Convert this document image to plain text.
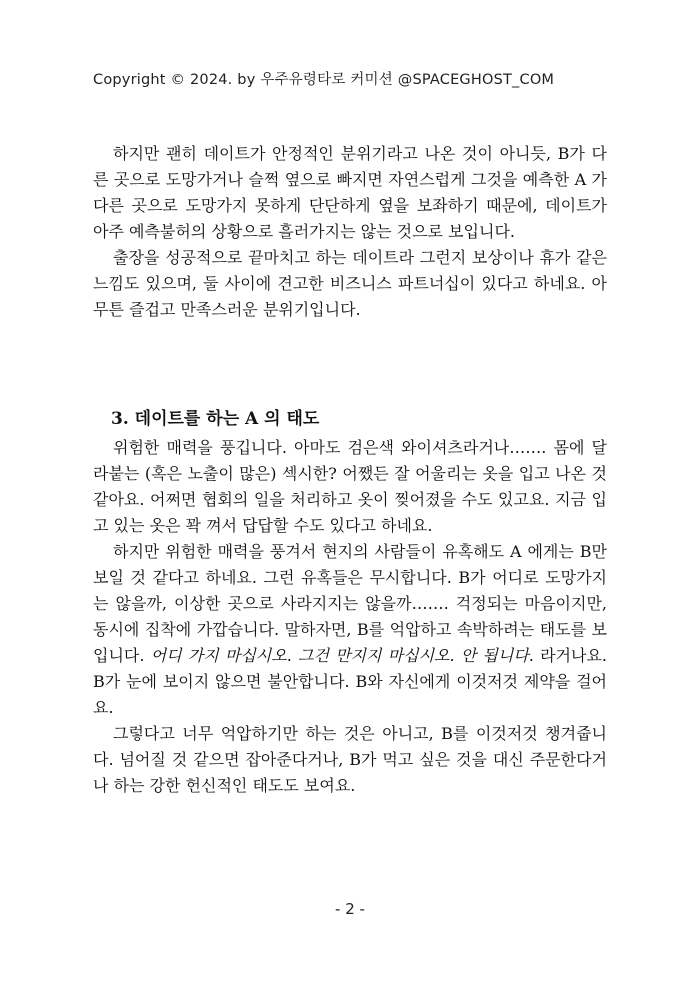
Copyright © 2024. by 우주유령타로 커미션 @SPACEGHOST_COM

하지만 괜히 데이트가 안정적인 분위기라고 나온 것이 아니듯, B가 다른 곳으로 도망가거나 슬쩍 옆으로 빠지면 자연스럽게 그것을 예측한 A 가 다른 곳으로 도망가지 못하게 단단하게 옆을 보좌하기 때문에, 데이트가 아주 예측불허의 상황으로 흘러가지는 않는 것으로 보입니다.

출장을 성공적으로 끝마치고 하는 데이트라 그런지 보상이나 휴가 같은 느낌도 있으며, 둘 사이에 견고한 비즈니스 파트너십이 있다고 하네요. 아무튼 즐겁고 만족스러운 분위기입니다.

3. 데이트를 하는 A 의 태도

위험한 매력을 풍깁니다. 아마도 검은색 와이셔츠라거나……. 몸에 달라붙는 (혹은 노출이 많은) 섹시한? 어쨌든 잘 어울리는 옷을 입고 나온 것 같아요. 어쩌면 협회의 일을 처리하고 옷이 찢어졌을 수도 있고요. 지금 입고 있는 옷은 꽉 껴서 답답할 수도 있다고 하네요.

하지만 위험한 매력을 풍겨서 현지의 사람들이 유혹해도 A 에게는 B만 보일 것 같다고 하네요. 그런 유혹들은 무시합니다. B가 어디로 도망가지는 않을까, 이상한 곳으로 사라지지는 않을까……. 걱정되는 마음이지만, 동시에 집착에 가깝습니다. 말하자면, B를 억압하고 속박하려는 태도를 보입니다. 어디 가지 마십시오. 그건 만지지 마십시오. 안 됩니다. 라거나요. B가 눈에 보이지 않으면 불안합니다. B와 자신에게 이것저것 제약을 걸어요.

그렇다고 너무 억압하기만 하는 것은 아니고, B를 이것저것 챙겨줍니다. 넘어질 것 같으면 잡아준다거나, B가 먹고 싶은 것을 대신 주문한다거나 하는 강한 헌신적인 태도도 보여요.

- 2 -
